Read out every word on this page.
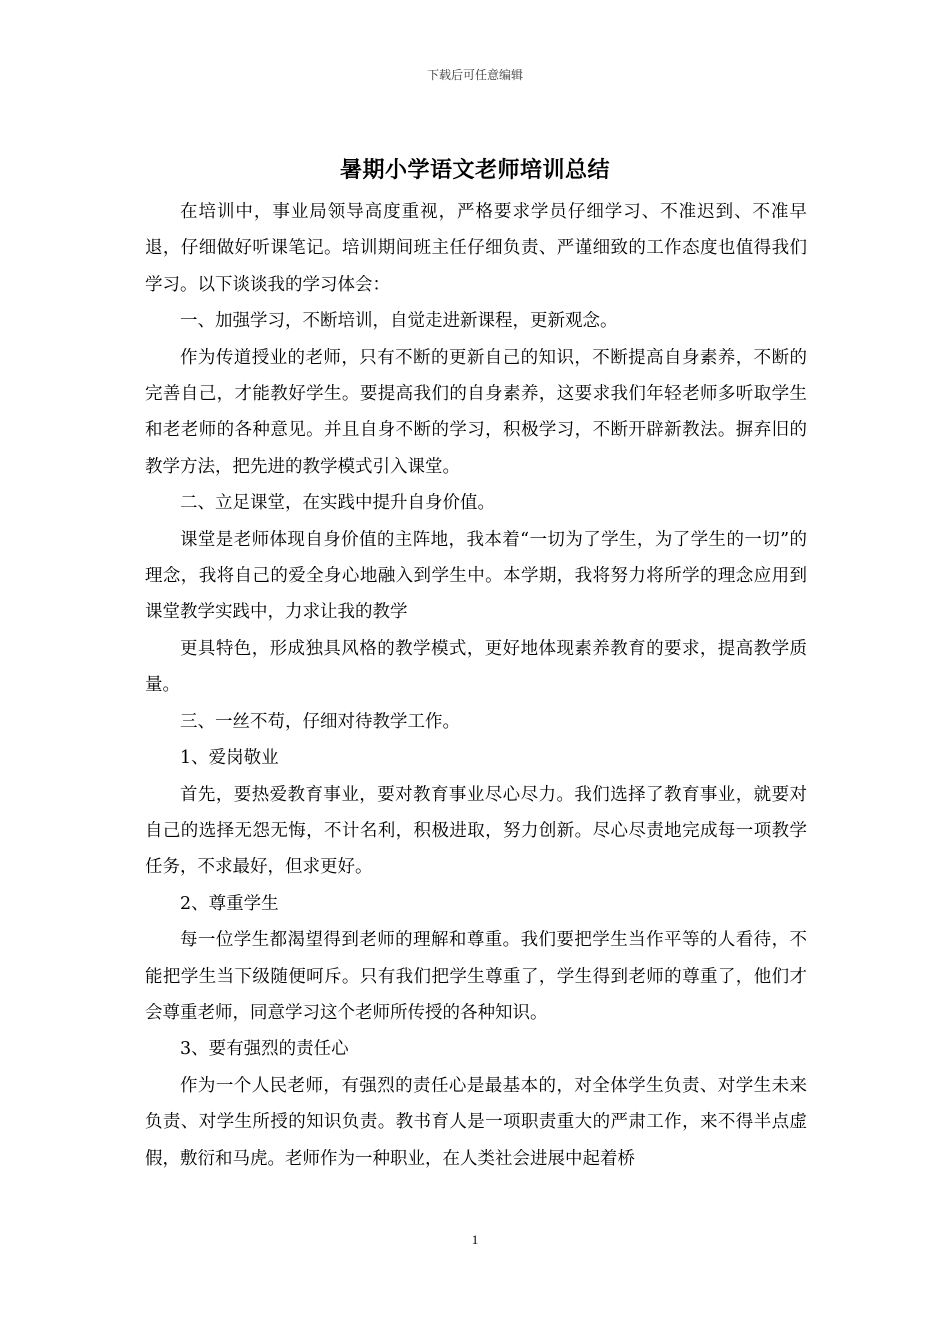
下载后可任意编辑
暑期小学语文老师培训总结

在培训中，事业局领导高度重视，严格要求学员仔细学习、不准迟到、不准早退，仔细做好听课笔记。培训期间班主任仔细负责、严谨细致的工作态度也值得我们学习。以下谈谈我的学习体会：

一、加强学习，不断培训，自觉走进新课程，更新观念。

作为传道授业的老师，只有不断的更新自己的知识，不断提高自身素养，不断的完善自己，才能教好学生。要提高我们的自身素养，这要求我们年轻老师多听取学生和老老师的各种意见。并且自身不断的学习，积极学习，不断开辟新教法。摒弃旧的教学方法，把先进的教学模式引入课堂。

二、立足课堂，在实践中提升自身价值。

课堂是老师体现自身价值的主阵地，我本着“一切为了学生，为了学生的一切”的理念，我将自己的爱全身心地融入到学生中。本学期，我将努力将所学的理念应用到课堂教学实践中，力求让我的教学

更具特色，形成独具风格的教学模式，更好地体现素养教育的要求，提高教学质量。

三、一丝不苟，仔细对待教学工作。

1、爱岗敬业

首先，要热爱教育事业，要对教育事业尽心尽力。我们选择了教育事业，就要对自己的选择无怨无悔，不计名利，积极进取，努力创新。尽心尽责地完成每一项教学任务，不求最好，但求更好。

2、尊重学生

每一位学生都渴望得到老师的理解和尊重。我们要把学生当作平等的人看待，不能把学生当下级随便呵斥。只有我们把学生尊重了，学生得到老师的尊重了，他们才会尊重老师，同意学习这个老师所传授的各种知识。

3、要有强烈的责任心

作为一个人民老师，有强烈的责任心是最基本的，对全体学生负责、对学生未来负责、对学生所授的知识负责。教书育人是一项职责重大的严肃工作，来不得半点虚假，敷衍和马虎。老师作为一种职业，在人类社会进展中起着桥

1
